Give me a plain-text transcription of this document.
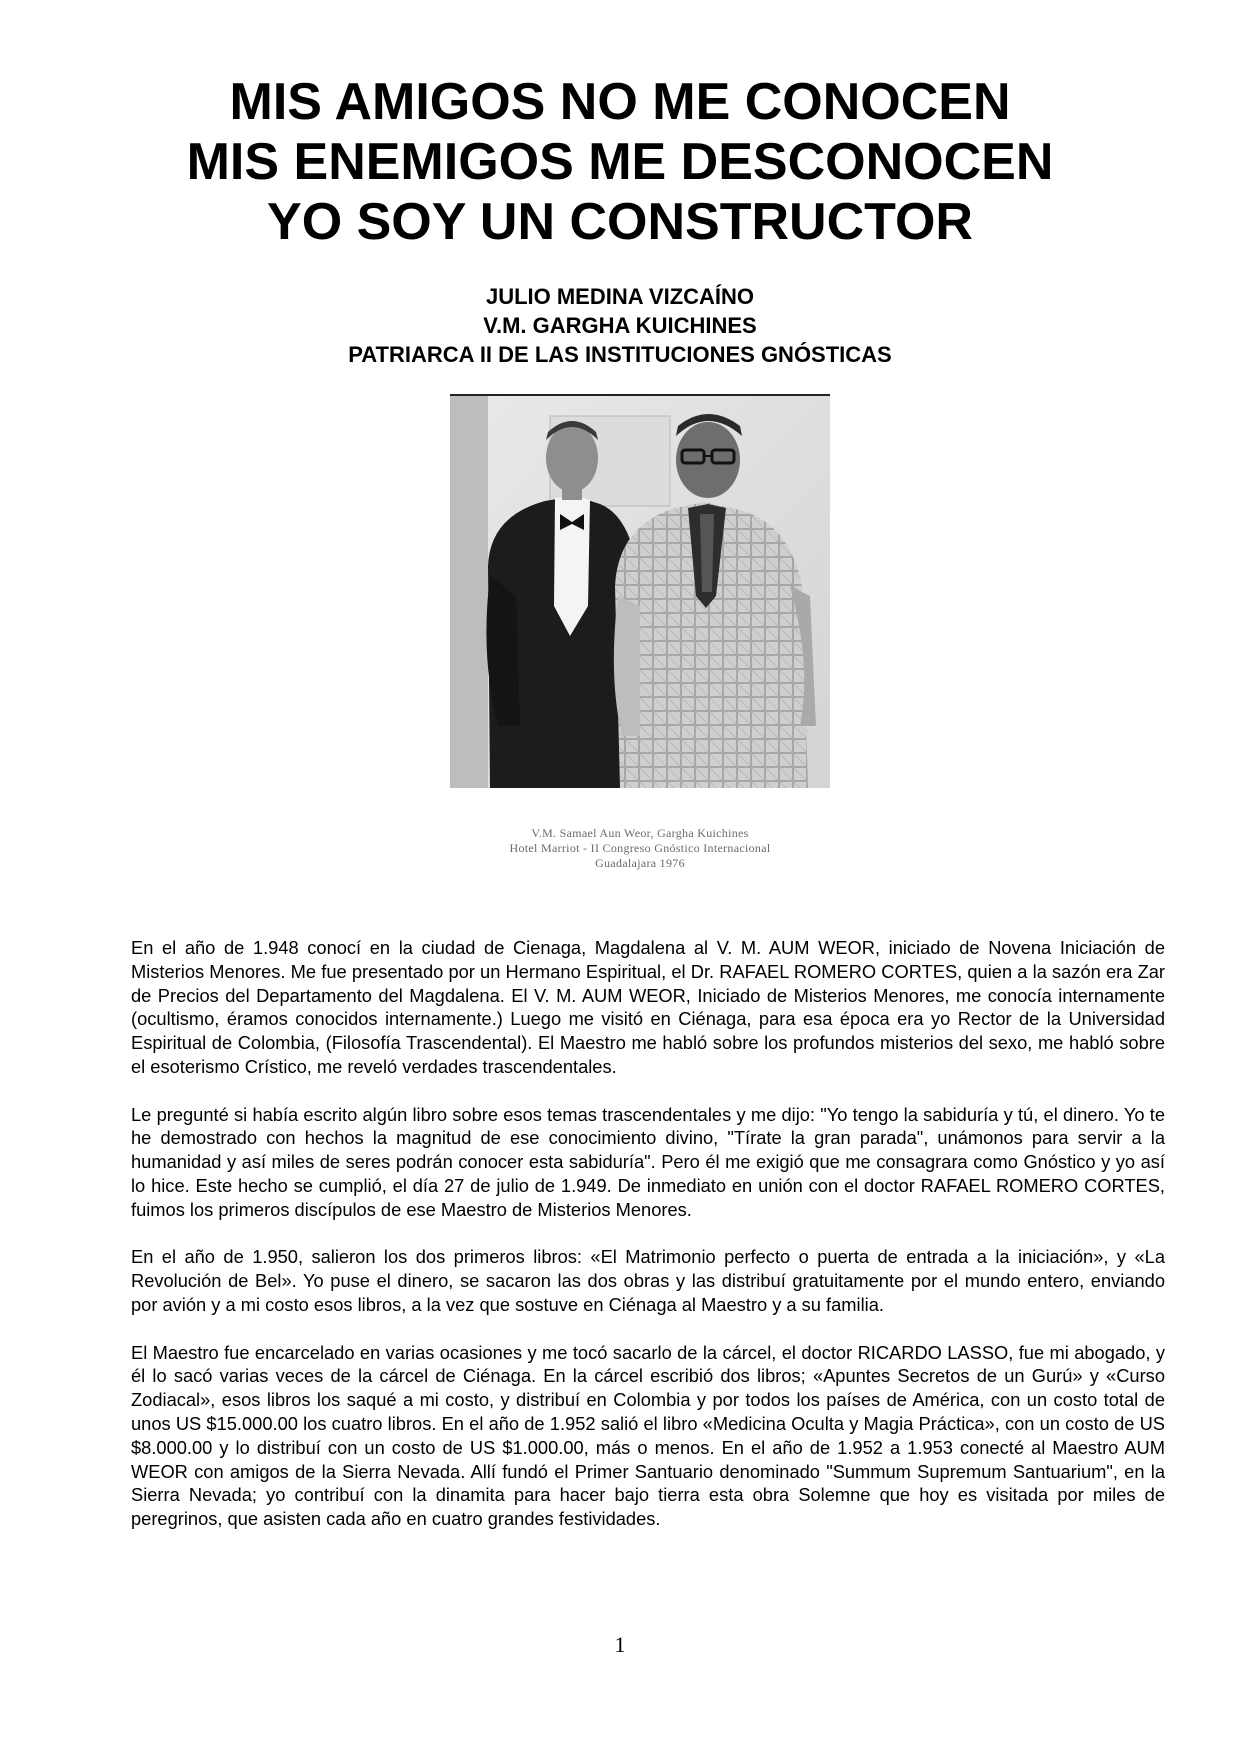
MIS AMIGOS NO ME CONOCEN
MIS ENEMIGOS ME DESCONOCEN
YO SOY UN CONSTRUCTOR
JULIO MEDINA VIZCAÍNO
V.M. GARGHA KUICHINES
PATRIARCA II DE LAS INSTITUCIONES GNÓSTICAS
V.M. Samael Aun Weor, Gargha Kuichines
Hotel Marriot - II Congreso Gnóstico Internacional
Guadalajara 1976

En el año de 1.948 conocí en la ciudad de Cienaga, Magdalena al V. M. AUM WEOR, iniciado de Novena Iniciación de Misterios Menores. Me fue presentado por un Hermano Espiritual, el Dr. RAFAEL ROMERO CORTES, quien a la sazón era Zar de Precios del Departamento del Magdalena. El V. M. AUM WEOR, Iniciado de Misterios Menores, me conocía internamente (ocultismo, éramos conocidos internamente.) Luego me visitó en Ciénaga, para esa época era yo Rector de la Universidad Espiritual de Colombia, (Filosofía Trascendental). El Maestro me habló sobre los profundos misterios del sexo, me habló sobre el esoterismo Crístico, me reveló verdades trascendentales.

Le pregunté si había escrito algún libro sobre esos temas trascendentales y me dijo: "Yo tengo la sabiduría y tú, el dinero. Yo te he demostrado con hechos la magnitud de ese conocimiento divino, "Tírate la gran parada", unámonos para servir a la humanidad y así miles de seres podrán conocer esta sabiduría". Pero él me exigió que me consagrara como Gnóstico y yo así lo hice. Este hecho se cumplió, el día 27 de julio de 1.949. De inmediato en unión con el doctor RAFAEL ROMERO CORTES, fuimos los primeros discípulos de ese Maestro de Misterios Menores.

En el año de 1.950, salieron los dos primeros libros: «El Matrimonio perfecto o puerta de entrada a la iniciación», y «La Revolución de Bel». Yo puse el dinero, se sacaron las dos obras y las distribuí gratuitamente por el mundo entero, enviando por avión y a mi costo esos libros, a la vez que sostuve en Ciénaga al Maestro y a su familia.

El Maestro fue encarcelado en varias ocasiones y me tocó sacarlo de la cárcel, el doctor RICARDO LASSO, fue mi abogado, y él lo sacó varias veces de la cárcel de Ciénaga. En la cárcel escribió dos libros; «Apuntes Secretos de un Gurú» y «Curso Zodiacal», esos libros los saqué a mi costo, y distribuí en Colombia y por todos los países de América, con un costo total de unos US $15.000.00 los cuatro libros. En el año de 1.952 salió el libro «Medicina Oculta y Magia Práctica», con un costo de US $8.000.00 y lo distribuí con un costo de US $1.000.00, más o menos. En el año de 1.952 a 1.953 conecté al Maestro AUM WEOR con amigos de la Sierra Nevada. Allí fundó el Primer Santuario denominado "Summum Supremum Santuarium", en la Sierra Nevada; yo contribuí con la dinamita para hacer bajo tierra esta obra Solemne que hoy es visitada por miles de peregrinos, que asisten cada año en cuatro grandes festividades.

1
